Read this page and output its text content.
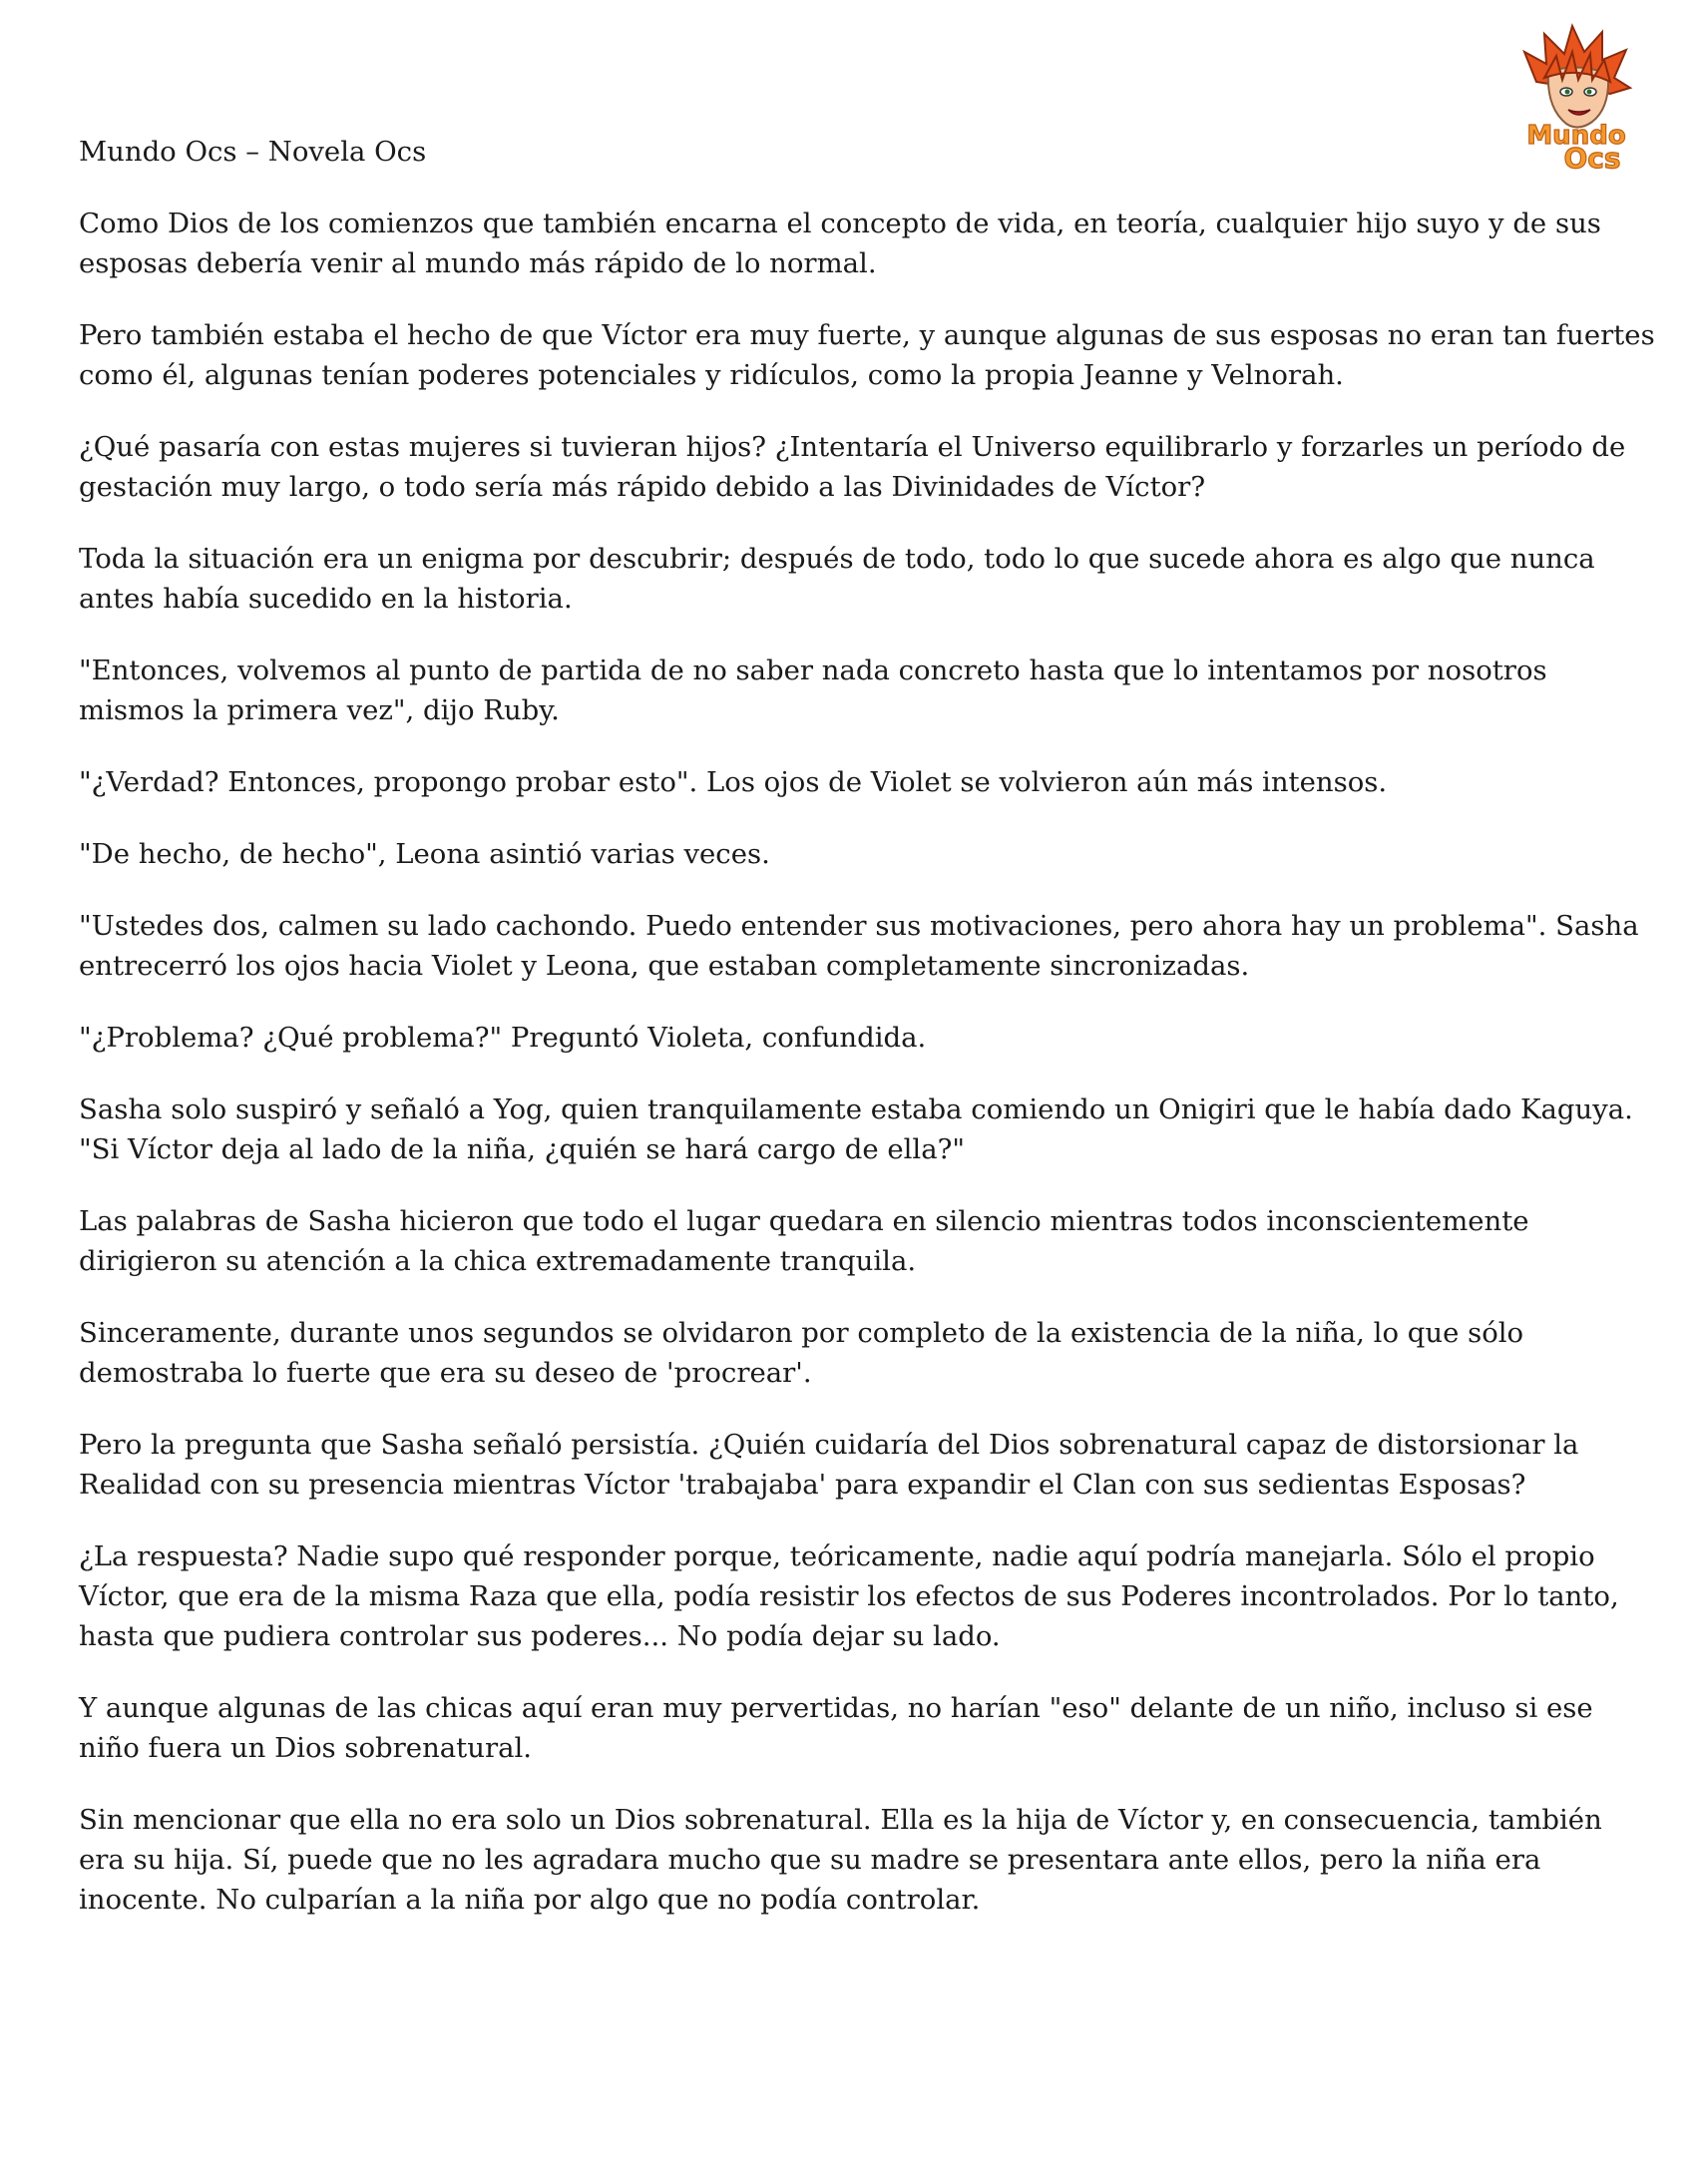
Mundo
Ocs

Mundo Ocs – Novela Ocs

Como Dios de los comienzos que también encarna el concepto de vida, en teoría, cualquier hijo suyo y de sus esposas debería venir al mundo más rápido de lo normal.

Pero también estaba el hecho de que Víctor era muy fuerte, y aunque algunas de sus esposas no eran tan fuertes como él, algunas tenían poderes potenciales y ridículos, como la propia Jeanne y Velnorah.

¿Qué pasaría con estas mujeres si tuvieran hijos? ¿Intentaría el Universo equilibrarlo y forzarles un período de gestación muy largo, o todo sería más rápido debido a las Divinidades de Víctor?

Toda la situación era un enigma por descubrir; después de todo, todo lo que sucede ahora es algo que nunca antes había sucedido en la historia.

"Entonces, volvemos al punto de partida de no saber nada concreto hasta que lo intentamos por nosotros mismos la primera vez", dijo Ruby.

"¿Verdad? Entonces, propongo probar esto". Los ojos de Violet se volvieron aún más intensos.

"De hecho, de hecho", Leona asintió varias veces.

"Ustedes dos, calmen su lado cachondo. Puedo entender sus motivaciones, pero ahora hay un problema". Sasha entrecerró los ojos hacia Violet y Leona, que estaban completamente sincronizadas.

"¿Problema? ¿Qué problema?" Preguntó Violeta, confundida.

Sasha solo suspiró y señaló a Yog, quien tranquilamente estaba comiendo un Onigiri que le había dado Kaguya. "Si Víctor deja al lado de la niña, ¿quién se hará cargo de ella?"

Las palabras de Sasha hicieron que todo el lugar quedara en silencio mientras todos inconscientemente dirigieron su atención a la chica extremadamente tranquila.

Sinceramente, durante unos segundos se olvidaron por completo de la existencia de la niña, lo que sólo demostraba lo fuerte que era su deseo de 'procrear'.

Pero la pregunta que Sasha señaló persistía. ¿Quién cuidaría del Dios sobrenatural capaz de distorsionar la Realidad con su presencia mientras Víctor 'trabajaba' para expandir el Clan con sus sedientas Esposas?

¿La respuesta? Nadie supo qué responder porque, teóricamente, nadie aquí podría manejarla. Sólo el propio Víctor, que era de la misma Raza que ella, podía resistir los efectos de sus Poderes incontrolados. Por lo tanto, hasta que pudiera controlar sus poderes... No podía dejar su lado.

Y aunque algunas de las chicas aquí eran muy pervertidas, no harían "eso" delante de un niño, incluso si ese niño fuera un Dios sobrenatural.

Sin mencionar que ella no era solo un Dios sobrenatural. Ella es la hija de Víctor y, en consecuencia, también era su hija. Sí, puede que no les agradara mucho que su madre se presentara ante ellos, pero la niña era inocente. No culparían a la niña por algo que no podía controlar.
